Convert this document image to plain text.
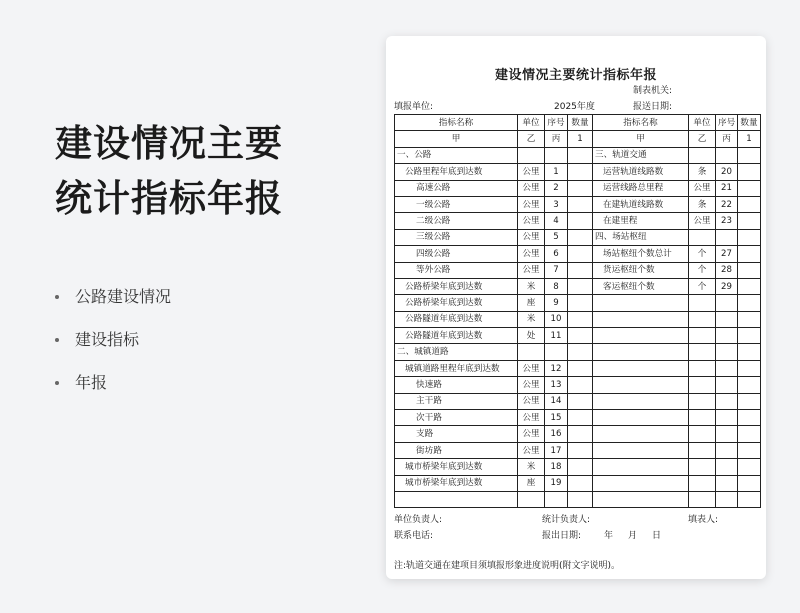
建设情况主要
统计指标年报
公路建设情况
建设指标
年报
建设情况主要统计指标年报
制表机关:
填报单位:	2025年度	报送日期:
指标名称	单位	序号	数量	指标名称	单位	序号	数量
甲	乙	丙	1	甲	乙	丙	1
一、公路				三、轨道交通			
公路里程年底到达数	公里	1		运营轨道线路数	条	20	
高速公路	公里	2		运营线路总里程	公里	21	
一级公路	公里	3		在建轨道线路数	条	22	
二级公路	公里	4		在建里程	公里	23	
三级公路	公里	5		四、场站枢纽			
四级公路	公里	6		场站枢纽个数总计	个	27	
等外公路	公里	7		货运枢纽个数	个	28	
公路桥梁年底到达数	米	8		客运枢纽个数	个	29	
公路桥梁年底到达数	座	9					
公路隧道年底到达数	米	10					
公路隧道年底到达数	处	11					
二、城镇道路							
城镇道路里程年底到达数	公里	12					
快速路	公里	13					
主干路	公里	14					
次干路	公里	15					
支路	公里	16					
街坊路	公里	17					
城市桥梁年底到达数	米	18					
城市桥梁年底到达数	座	19					

单位负责人:	统计负责人:	填表人:
联系电话:	报出日期:	年 月 日
注:轨道交通在建项目须填报形象进度说明(附文字说明)。
